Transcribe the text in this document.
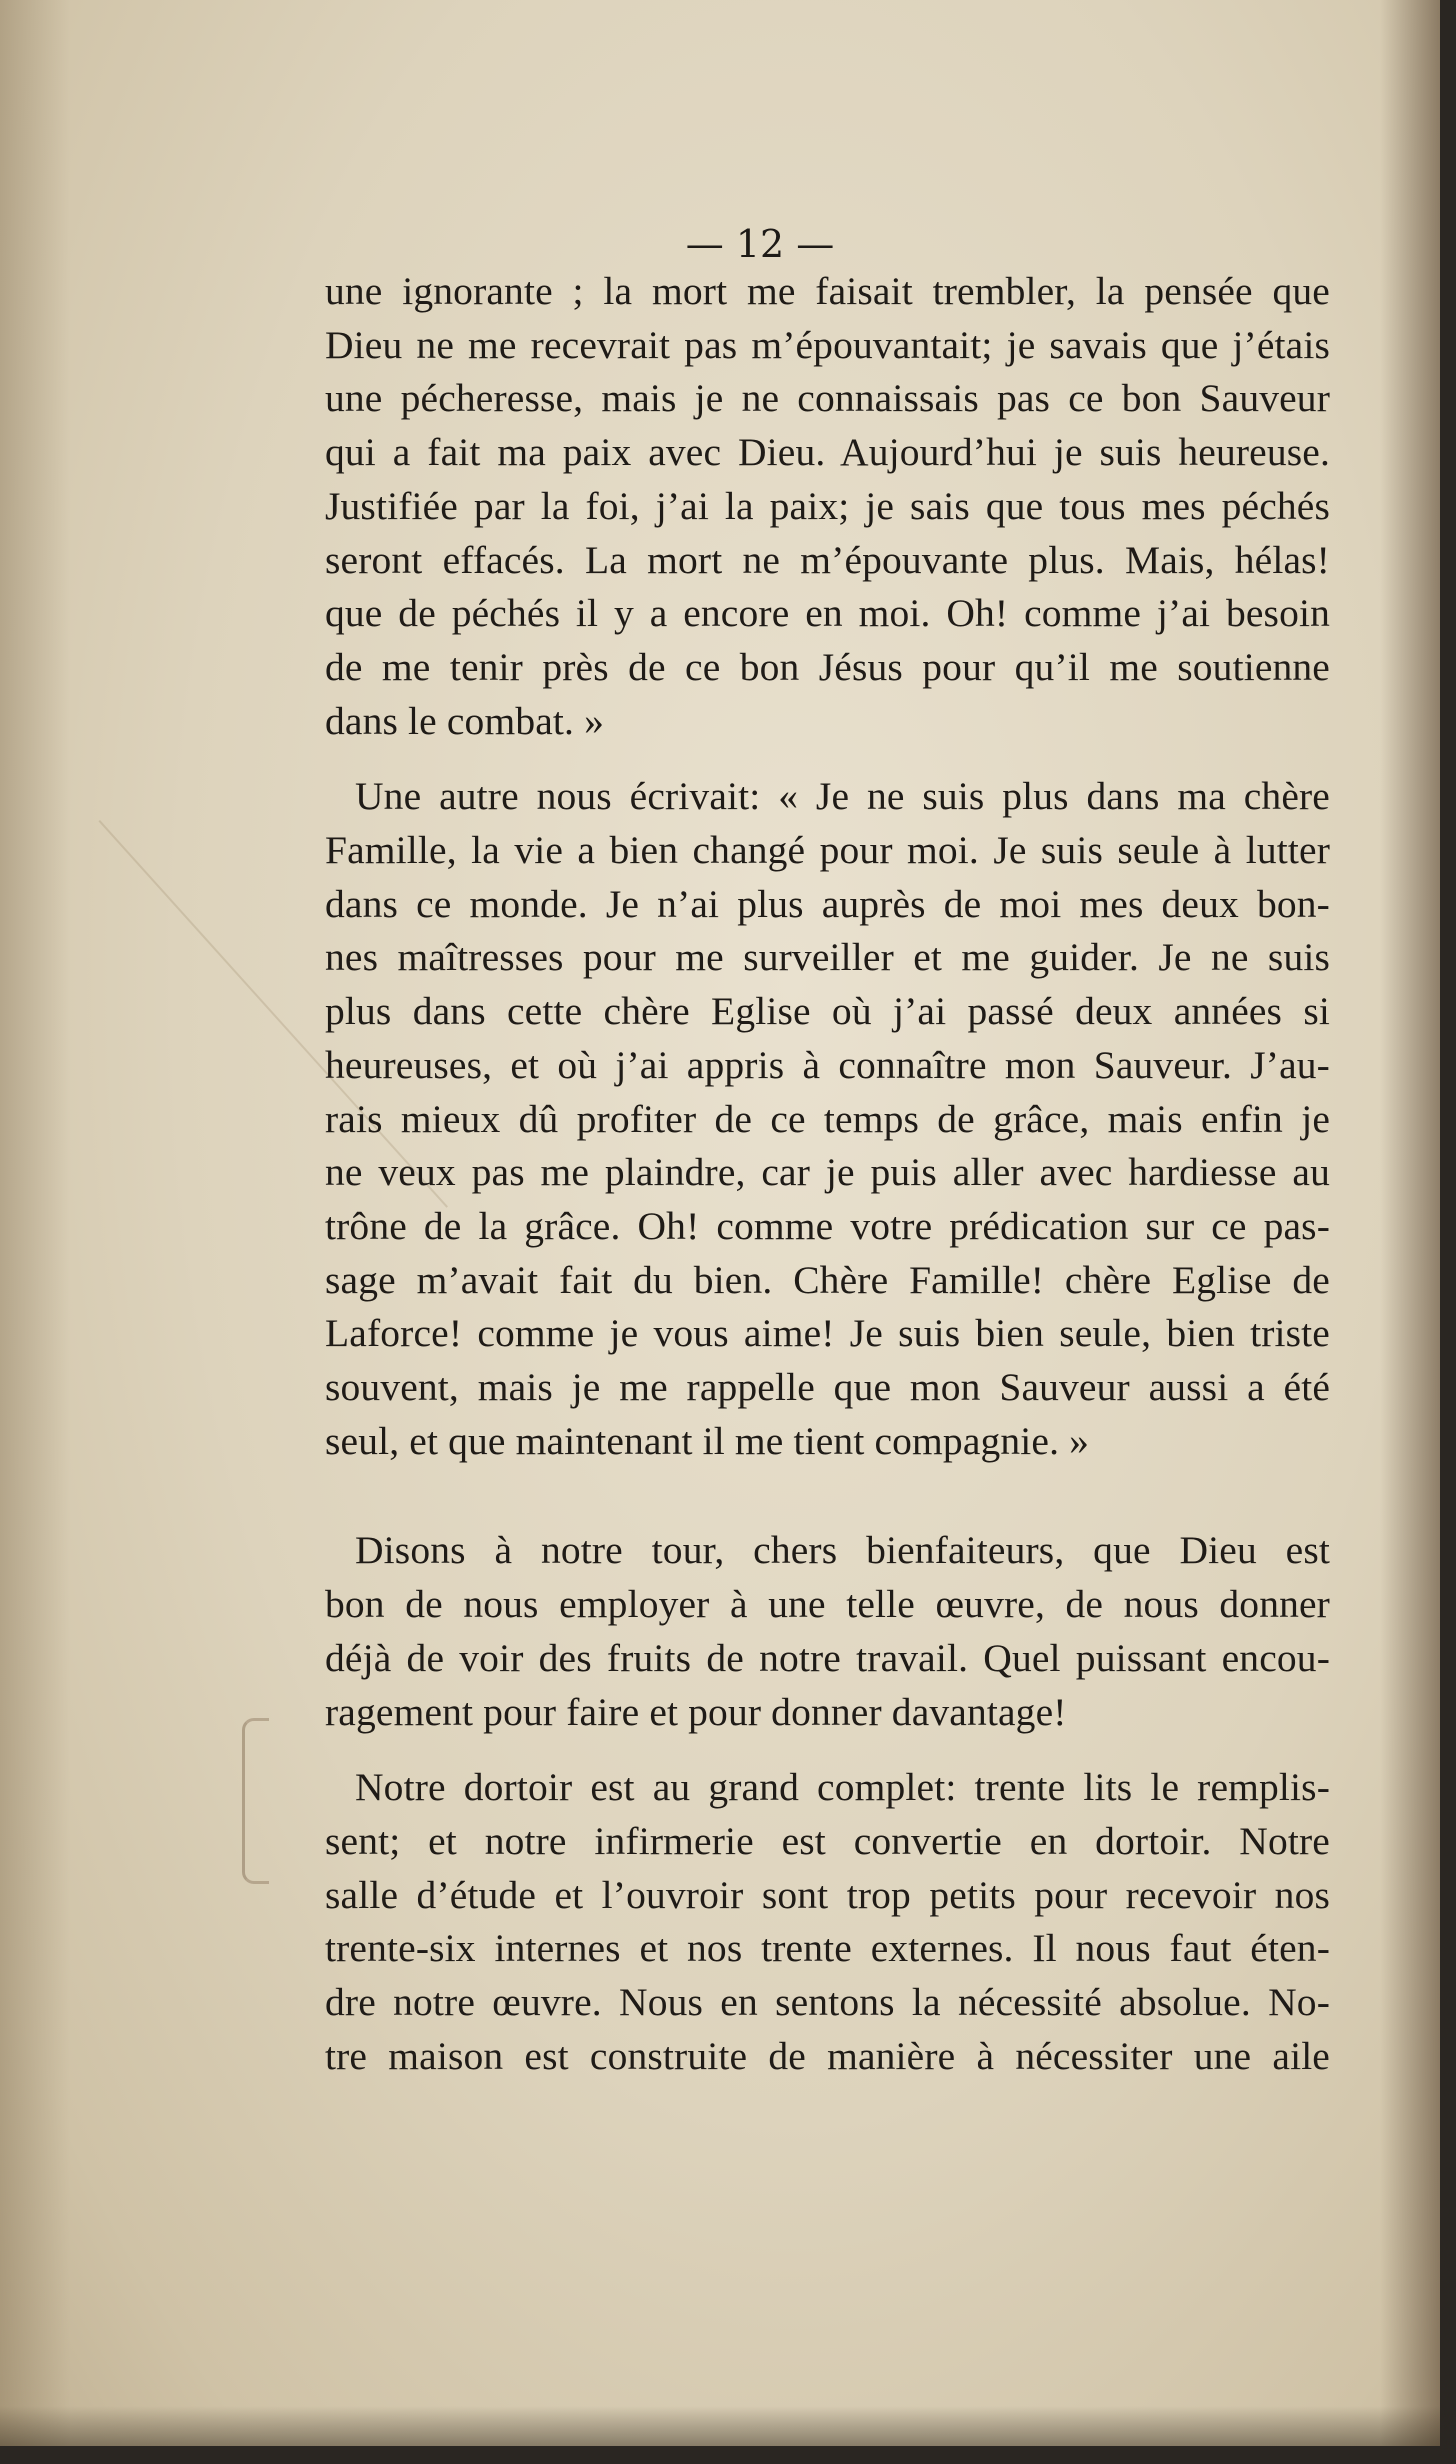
— 12 —

une ignorante ; la mort me faisait trembler, la pensée que
Dieu ne me recevrait pas m’épouvantait; je savais que j’étais
une pécheresse, mais je ne connaissais pas ce bon Sauveur
qui a fait ma paix avec Dieu. Aujourd’hui je suis heureuse.
Justifiée par la foi, j’ai la paix; je sais que tous mes péchés
seront effacés. La mort ne m’épouvante plus. Mais, hélas!
que de péchés il y a encore en moi. Oh! comme j’ai besoin
de me tenir près de ce bon Jésus pour qu’il me soutienne
dans le combat. »

Une autre nous écrivait: « Je ne suis plus dans ma chère
Famille, la vie a bien changé pour moi. Je suis seule à lutter
dans ce monde. Je n’ai plus auprès de moi mes deux bon-
nes maîtresses pour me surveiller et me guider. Je ne suis
plus dans cette chère Eglise où j’ai passé deux années si
heureuses, et où j’ai appris à connaître mon Sauveur. J’au-
rais mieux dû profiter de ce temps de grâce, mais enfin je
ne veux pas me plaindre, car je puis aller avec hardiesse au
trône de la grâce. Oh! comme votre prédication sur ce pas-
sage m’avait fait du bien. Chère Famille! chère Eglise de
Laforce! comme je vous aime! Je suis bien seule, bien triste
souvent, mais je me rappelle que mon Sauveur aussi a été
seul, et que maintenant il me tient compagnie. »

Disons à notre tour, chers bienfaiteurs, que Dieu est
bon de nous employer à une telle œuvre, de nous donner
déjà de voir des fruits de notre travail. Quel puissant encou-
ragement pour faire et pour donner davantage!

Notre dortoir est au grand complet: trente lits le remplis-
sent; et notre infirmerie est convertie en dortoir. Notre
salle d’étude et l’ouvroir sont trop petits pour recevoir nos
trente-six internes et nos trente externes. Il nous faut éten-
dre notre œuvre. Nous en sentons la nécessité absolue. No-
tre maison est construite de manière à nécessiter une aile
